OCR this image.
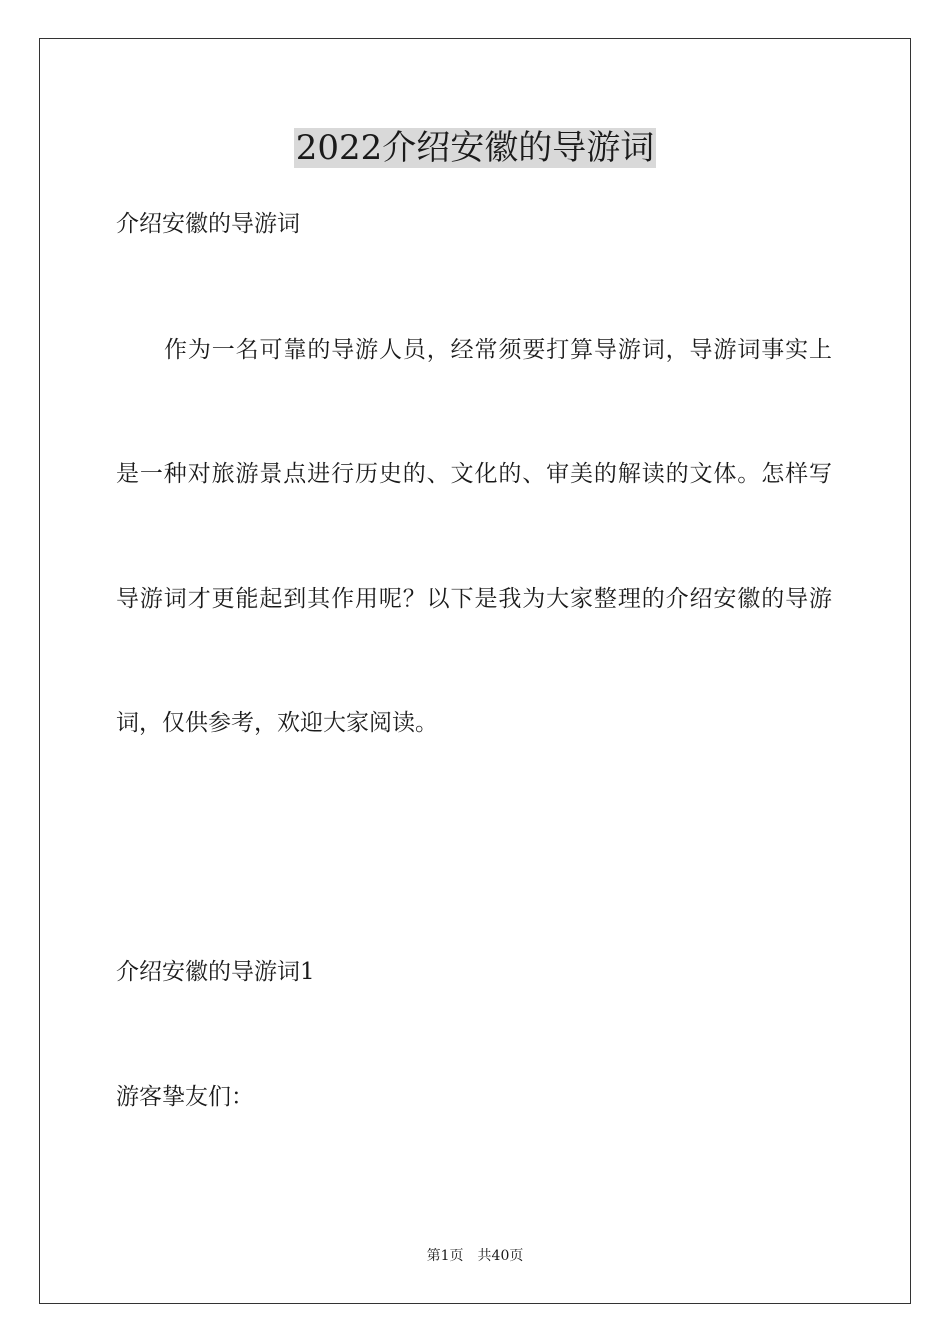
2022介绍安徽的导游词

介绍安徽的导游词

作为一名可靠的导游人员，经常须要打算导游词，导游词事实上

是一种对旅游景点进行历史的、文化的、审美的解读的文体。怎样写

导游词才更能起到其作用呢？以下是我为大家整理的介绍安徽的导游

词，仅供参考，欢迎大家阅读。

介绍安徽的导游词1

游客挚友们：

第1页 共40页
